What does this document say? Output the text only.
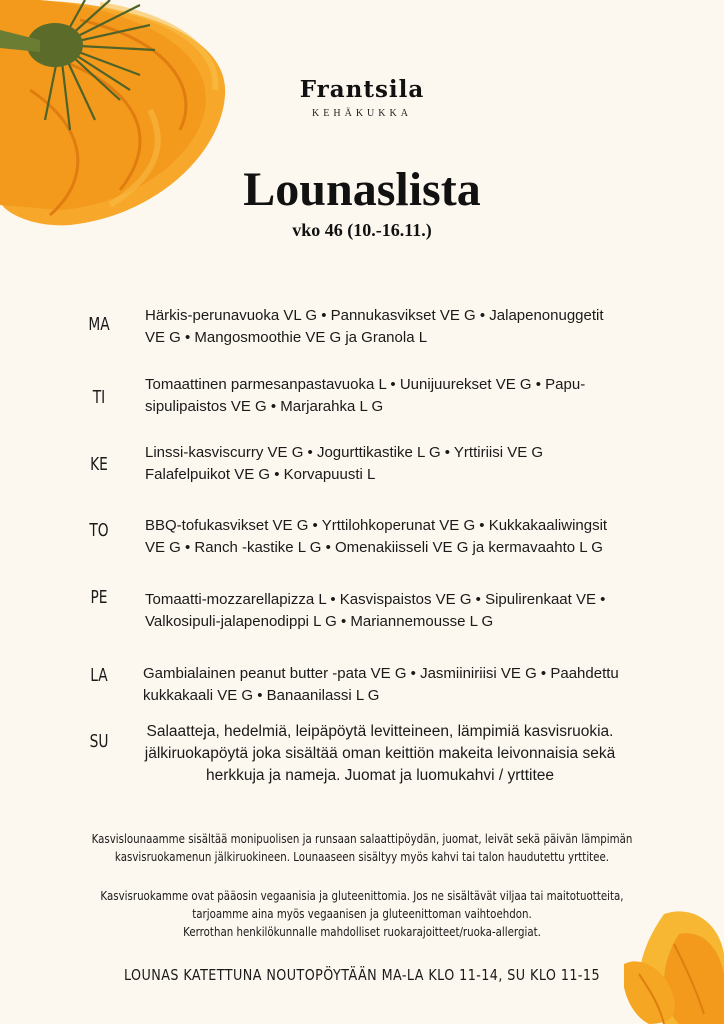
Frantsila
KEHÄKUKKA
Lounaslista
vko 46 (10.-16.11.)
MA Härkis-perunavuoka VL G • Pannukasvikset VE G • Jalapenonuggetit
VE G • Mangosmoothie VE G ja Granola L
TI
Tomaattinen parmesanpastavuoka L • Uunijuurekset VE G • Papu-
sipulipaistos VE G • Marjarahka L G
KE
Linssi-kasviscurry VE G • Jogurttikastike L G • Yrttiriisi VE G
Falafelpuikot VE G • Korvapuusti L
TO BBQ-tofukasvikset VE G • Yrttilohkoperunat VE G • Kukkakaaliwingsit
VE G • Ranch -kastike L G • Omenakiisseli VE G ja kermavaahto L G
PE	Tomaatti-mozzarellapizza L • Kasvispaistos VE G • Sipulirenkaat VE •
Valkosipuli-jalapenodippi L G • Mariannemousse L G
LA Gambialainen peanut butter -pata VE G • Jasmiiniriisi VE G • Paahdettu
kukkakaali VE G • Banaanilassi L G
SU	Salaatteja, hedelmiä, leipäpöytä levitteineen, lämpimiä kasvisruokia.
jälkiruokapöytä joka sisältää oman keittiön makeita leivonnaisia sekä
herkkuja ja nameja. Juomat ja luomukahvi / yrttitee
Kasvislounaamme sisältää monipuolisen ja runsaan salaattipöydän, juomat, leivät sekä päivän lämpimän
kasvisruokamenun jälkiruokineen. Lounaaseen sisältyy myös kahvi tai talon haudutettu yrttitee.
Kasvisruokamme ovat pääosin vegaanisia ja gluteenittomia. Jos ne sisältävät viljaa tai maitotuotteita,
tarjoamme aina myös vegaanisen ja gluteenittoman vaihtoehdon.
Kerrothan henkilökunnalle mahdolliset ruokarajoitteet/ruoka-allergiat.
LOUNAS KATETTUNA NOUTOPÖYTÄÄN MA-LA KLO 11-14, SU KLO 11-15
